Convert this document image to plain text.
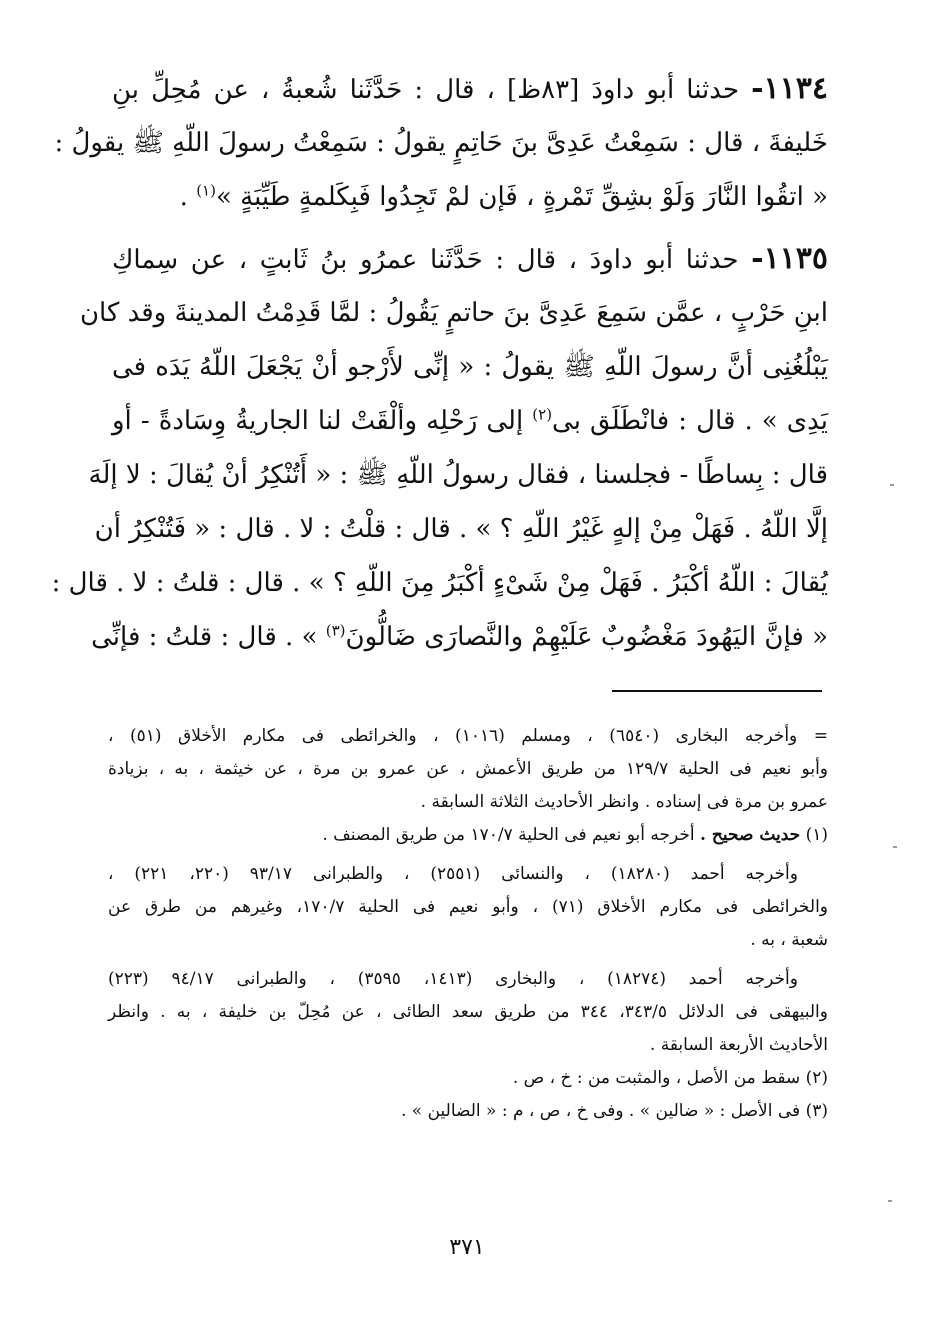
١١٣٤- حدثنا أبو داودَ [٨٣ظ] ، قال : حَدَّثَنا شُعبةُ ، عن مُحِلِّ بنِ
خَليفةَ ، قال : سَمِعْتُ عَدِىَّ بنَ حَاتِمٍ يقولُ : سَمِعْتُ رسولَ اللّهِ ﷺ يقولُ :
« اتقُوا النَّارَ وَلَوْ بشِقِّ تَمْرةٍ ، فَإن لمْ تَجِدُوا فَبِكَلمةٍ طَيِّبَةٍ »$^{(١)}$ .
١١٣٥- حدثنا أبو داودَ ، قال : حَدَّثَنا عمرُو بنُ ثَابتٍ ، عن سِماكِ
ابنِ حَرْبٍ ، عمَّن سَمِعَ عَدِىَّ بنَ حاتمٍ يَقُولُ : لمَّا قَدِمْتُ المدينةَ وقد كان
يَبْلُغُنِى أنَّ رسولَ اللّهِ ﷺ يقولُ : « إنِّى لأَرْجو أنْ يَجْعَلَ اللّهُ يَدَه فى
يَدِى » . قال : فانْطَلَق بى$^{(٢)}$ إلى رَحْلِه وألْقَتْ لنا الجاريةُ وِسَادةً - أو
قال : بِساطًا - فجلسنا ، فقال رسولُ اللّهِ ﷺ : « أَتُنْكِرُ أنْ يُقالَ : لا إلَهَ
إلَّا اللّهُ . فَهَلْ مِنْ إلهٍ غَيْرُ اللّهِ ؟ » . قال : قلْتُ : لا . قال : « فَتُنْكِرُ أن
يُقالَ : اللّهُ أكْبَرُ . فَهَلْ مِنْ شَىْءٍ أكْبَرُ مِنَ اللّهِ ؟ » . قال : قلتُ : لا . قال :
« فإنَّ اليَهُودَ مَغْضُوبٌ عَلَيْهِمْ والنَّصارَى ضَالُّونَ$^{(٣)}$ » . قال : قلتُ : فإنِّى
= وأخرجه البخارى (٦٥٤٠) ، ومسلم (١٠١٦) ، والخرائطى فى مكارم الأخلاق (٥١) ،
وأبو نعيم فى الحلية ١٢٩/٧ من طريق الأعمش ، عن عمرو بن مرة ، عن خيثمة ، به ، بزيادة
عمرو بن مرة فى إسناده . وانظر الأحاديث الثلاثة السابقة .
(١) حديث صحيح . أخرجه أبو نعيم فى الحلية ١٧٠/٧ من طريق المصنف .
وأخرجه أحمد (١٨٢٨٠) ، والنسائى (٢٥٥١) ، والطبرانى ٩٣/١٧ (٢٢٠، ٢٢١) ،
والخرائطى فى مكارم الأخلاق (٧١) ، وأبو نعيم فى الحلية ١٧٠/٧، وغيرهم من طرق عن
شعبة ، به .
وأخرجه أحمد (١٨٢٧٤) ، والبخارى (١٤١٣، ٣٥٩٥) ، والطبرانى ٩٤/١٧ (٢٢٣)
والبيهقى فى الدلائل ٣٤٣/٥، ٣٤٤ من طريق سعد الطائى ، عن مُحِلّ بن خليفة ، به . وانظر
الأحاديث الأربعة السابقة .
(٢) سقط من الأصل ، والمثبت من : خ ، ص .
(٣) فى الأصل : « ضالين » . وفى خ ، ص ، م : « الضالين » .
٣٧١
